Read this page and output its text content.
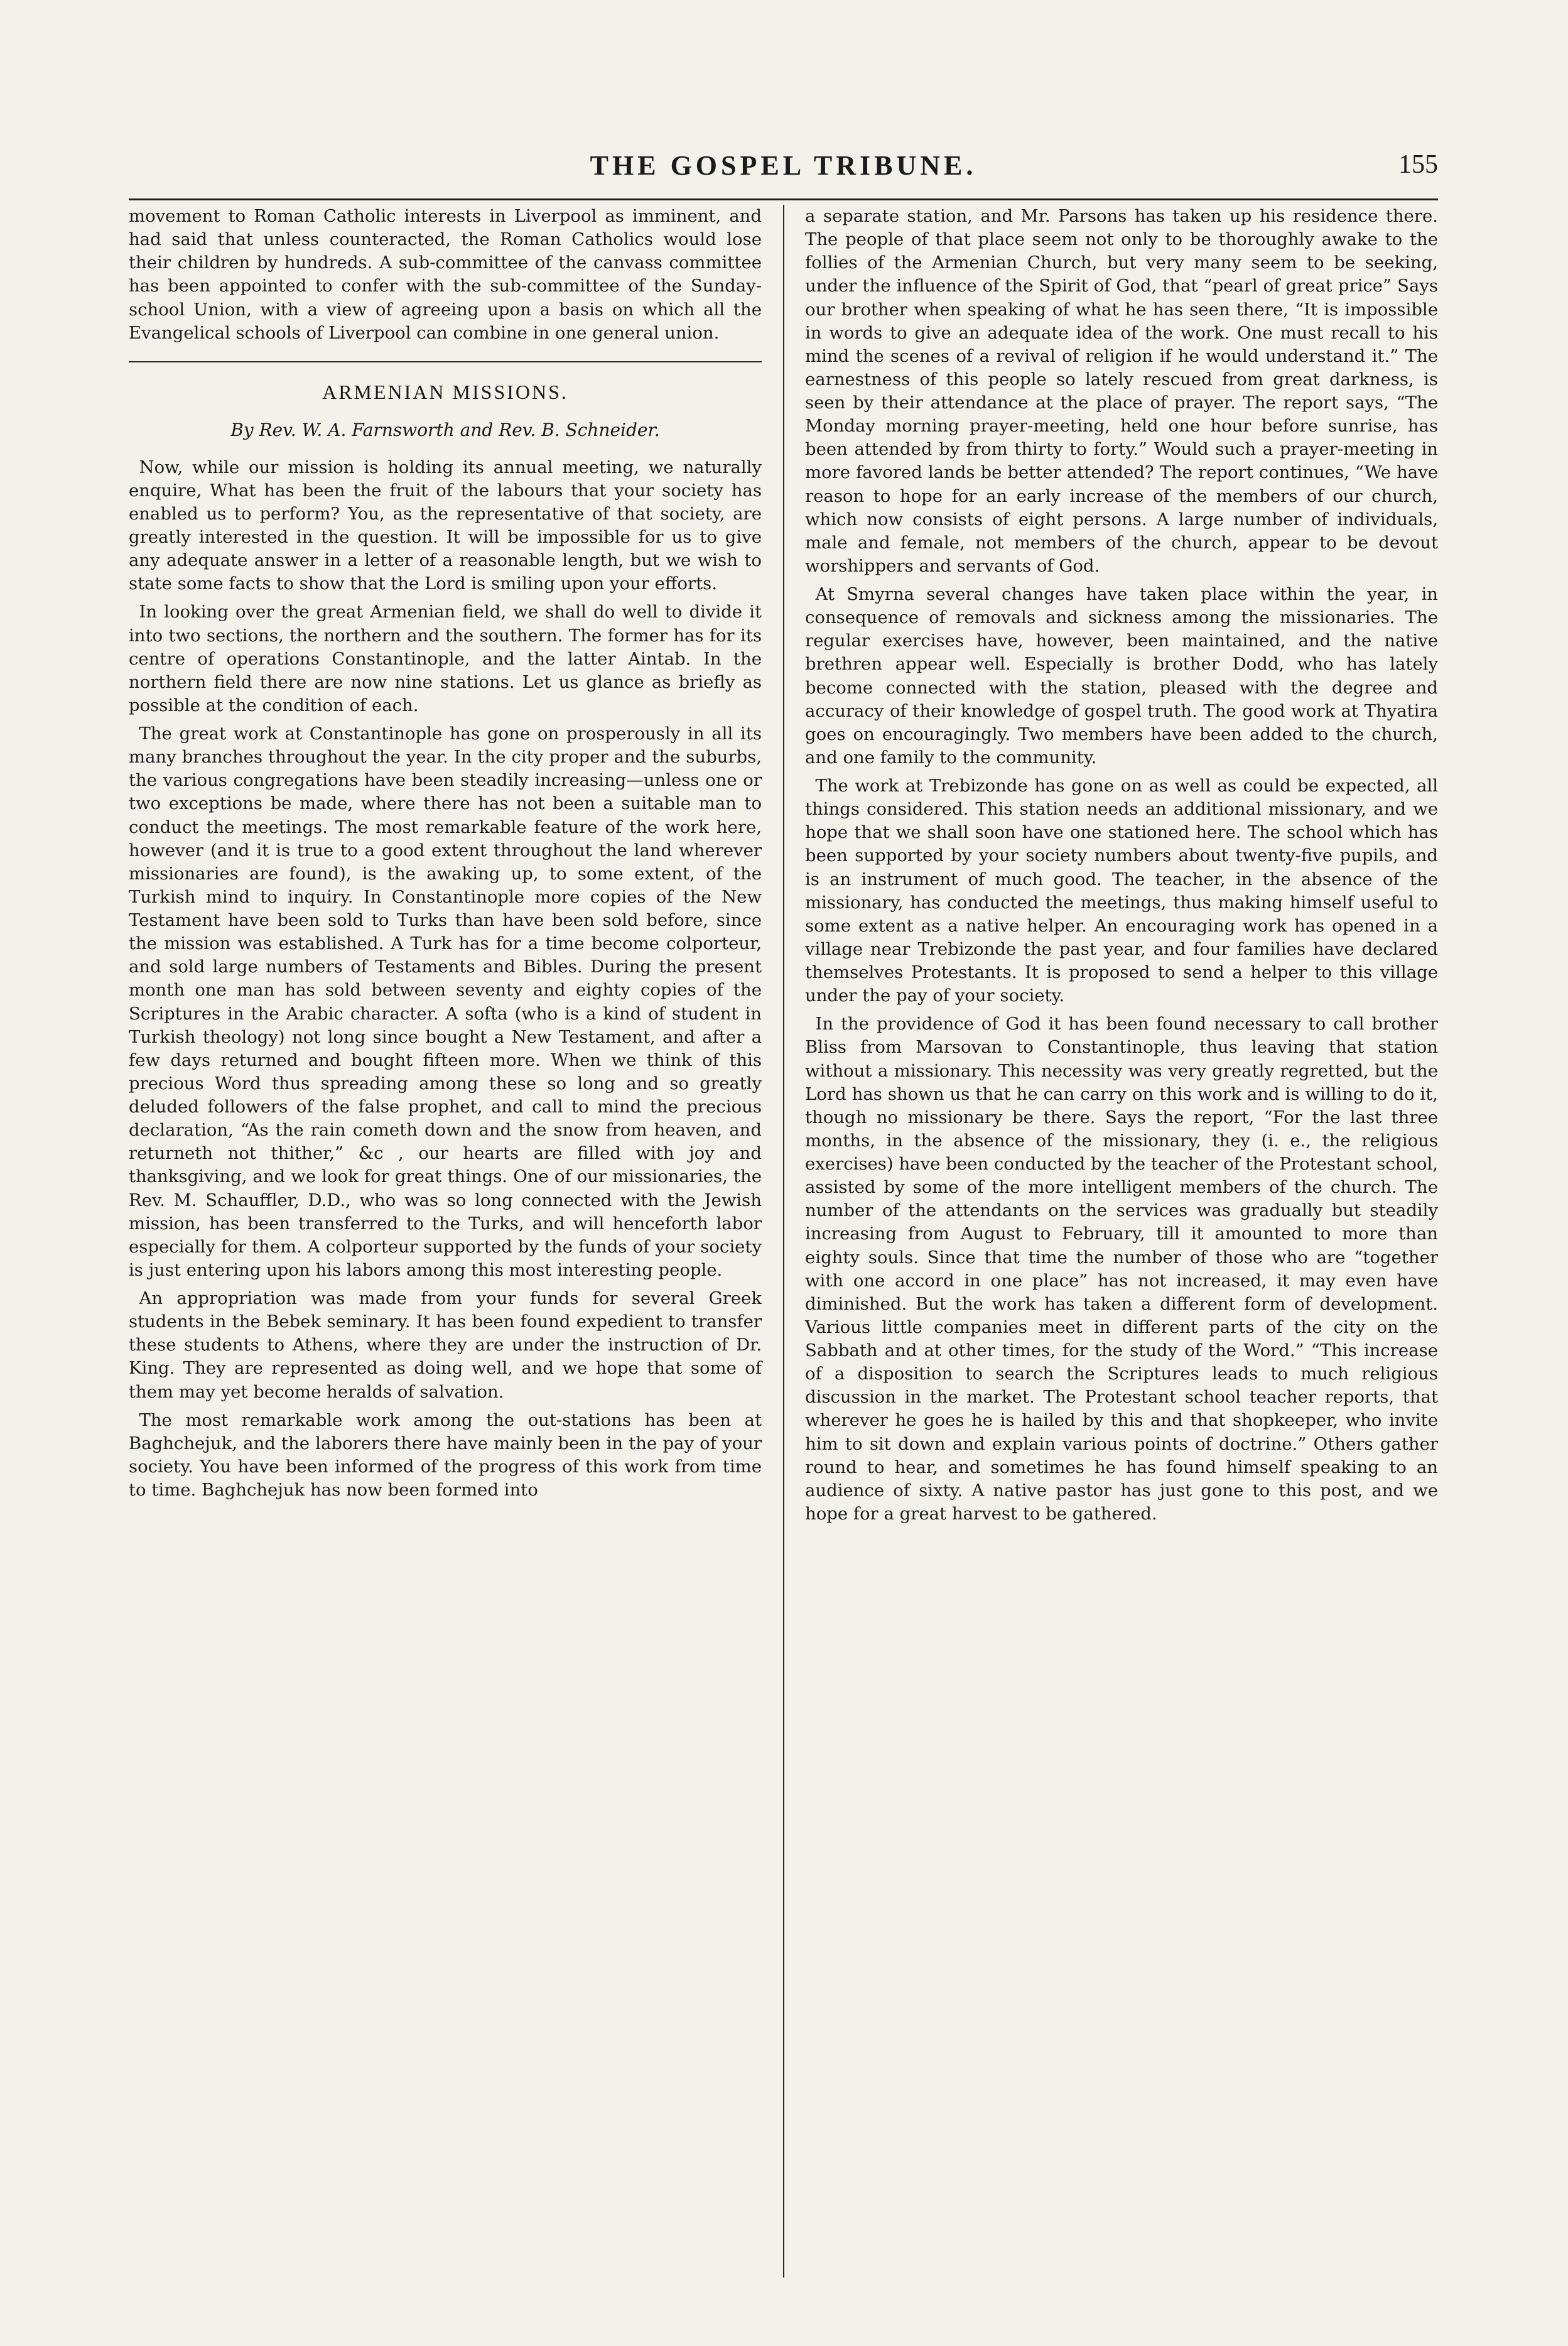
THE GOSPEL TRIBUNE.	155

movement to Roman Catholic interests in Liverpool as imminent, and had said that unless counteracted, the Roman Catholics would lose their children by hundreds. A sub-committee of the canvass committee has been appointed to confer with the sub-committee of the Sunday-school Union, with a view of agreeing upon a basis on which all the Evangelical schools of Liverpool can combine in one general union.

ARMENIAN MISSIONS.
By Rev. W. A. Farnsworth and Rev. B. Schneider.

Now, while our mission is holding its annual meeting, we naturally enquire, What has been the fruit of the labours that your society has enabled us to perform? You, as the representative of that society, are greatly interested in the question. It will be impossible for us to give any adequate answer in a letter of a reasonable length, but we wish to state some facts to show that the Lord is smiling upon your efforts.

In looking over the great Armenian field, we shall do well to divide it into two sections, the northern and the southern. The former has for its centre of operations Constantinople, and the latter Aintab. In the northern field there are now nine stations. Let us glance as briefly as possible at the condition of each.

The great work at Constantinople has gone on prosperously in all its many branches throughout the year. In the city proper and the suburbs, the various congregations have been steadily increasing—unless one or two exceptions be made, where there has not been a suitable man to conduct the meetings. The most remarkable feature of the work here, however (and it is true to a good extent throughout the land wherever missionaries are found), is the awaking up, to some extent, of the Turkish mind to inquiry. In Constantinople more copies of the New Testament have been sold to Turks than have been sold before, since the mission was established. A Turk has for a time become colporteur, and sold large numbers of Testaments and Bibles. During the present month one man has sold between seventy and eighty copies of the Scriptures in the Arabic character. A softa (who is a kind of student in Turkish theology) not long since bought a New Testament, and after a few days returned and bought fifteen more. When we think of this precious Word thus spreading among these so long and so greatly deluded followers of the false prophet, and call to mind the precious declaration, “As the rain cometh down and the snow from heaven, and returneth not thither,” &c , our hearts are filled with joy and thanksgiving, and we look for great things. One of our missionaries, the Rev. M. Schauffler, D.D., who was so long connected with the Jewish mission, has been transferred to the Turks, and will henceforth labor especially for them. A colporteur supported by the funds of your society is just entering upon his labors among this most interesting people.

An appropriation was made from your funds for several Greek students in the Bebek seminary. It has been found expedient to transfer these students to Athens, where they are under the instruction of Dr. King. They are represented as doing well, and we hope that some of them may yet become heralds of salvation.

The most remarkable work among the out-stations has been at Baghchejuk, and the laborers there have mainly been in the pay of your society. You have been informed of the progress of this work from time to time. Baghchejuk has now been formed into

a separate station, and Mr. Parsons has taken up his residence there. The people of that place seem not only to be thoroughly awake to the follies of the Armenian Church, but very many seem to be seeking, under the influence of the Spirit of God, that “pearl of great price” Says our brother when speaking of what he has seen there, “It is impossible in words to give an adequate idea of the work. One must recall to his mind the scenes of a revival of religion if he would understand it.” The earnestness of this people so lately rescued from great darkness, is seen by their attendance at the place of prayer. The report says, “The Monday morning prayer-meeting, held one hour before sunrise, has been attended by from thirty to forty.” Would such a prayer-meeting in more favored lands be better attended? The report continues, “We have reason to hope for an early increase of the members of our church, which now consists of eight persons. A large number of individuals, male and female, not members of the church, appear to be devout worshippers and servants of God.

At Smyrna several changes have taken place within the year, in consequence of removals and sickness among the missionaries. The regular exercises have, however, been maintained, and the native brethren appear well. Especially is brother Dodd, who has lately become connected with the station, pleased with the degree and accuracy of their knowledge of gospel truth. The good work at Thyatira goes on encouragingly. Two members have been added to the church, and one family to the community.

The work at Trebizonde has gone on as well as could be expected, all things considered. This station needs an additional missionary, and we hope that we shall soon have one stationed here. The school which has been supported by your society numbers about twenty-five pupils, and is an instrument of much good. The teacher, in the absence of the missionary, has conducted the meetings, thus making himself useful to some extent as a native helper. An encouraging work has opened in a village near Trebizonde the past year, and four families have declared themselves Protestants. It is proposed to send a helper to this village under the pay of your society.

In the providence of God it has been found necessary to call brother Bliss from Marsovan to Constantinople, thus leaving that station without a missionary. This necessity was very greatly regretted, but the Lord has shown us that he can carry on this work and is willing to do it, though no missionary be there. Says the report, “For the last three months, in the absence of the missionary, they (i. e., the religious exercises) have been conducted by the teacher of the Protestant school, assisted by some of the more intelligent members of the church. The number of the attendants on the services was gradually but steadily increasing from August to February, till it amounted to more than eighty souls. Since that time the number of those who are “together with one accord in one place” has not increased, it may even have diminished. But the work has taken a different form of development. Various little companies meet in different parts of the city on the Sabbath and at other times, for the study of the Word.” “This increase of a disposition to search the Scriptures leads to much religious discussion in the market. The Protestant school teacher reports, that wherever he goes he is hailed by this and that shopkeeper, who invite him to sit down and explain various points of doctrine.” Others gather round to hear, and sometimes he has found himself speaking to an audience of sixty. A native pastor has just gone to this post, and we hope for a great harvest to be gathered.
